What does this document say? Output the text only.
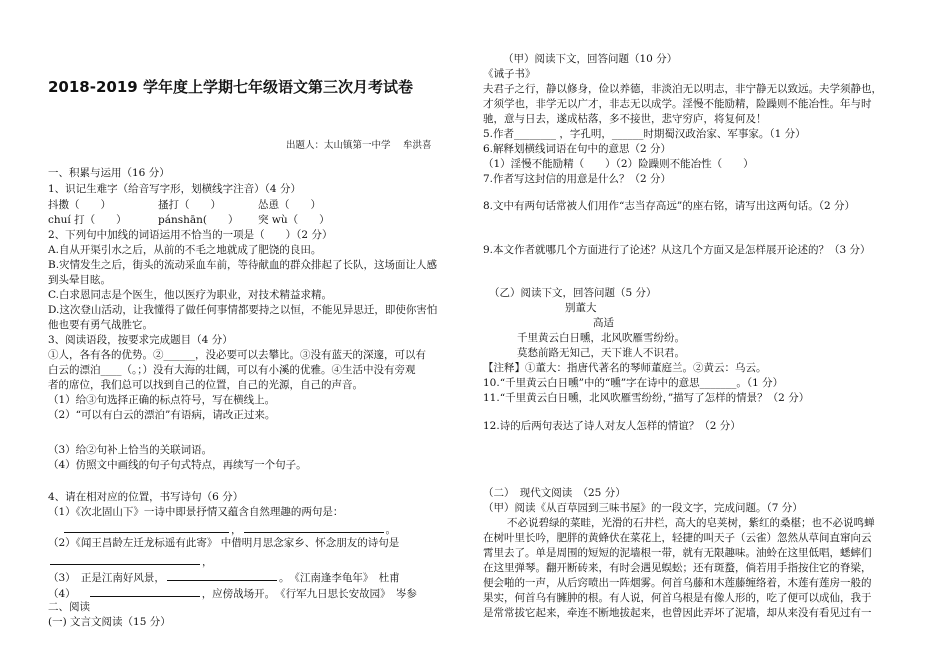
2018-2019 学年度上学期七年级语文第三次月考试卷
出题人：太山镇第一中学　 牟洪喜
一、积累与运用（16 分）
1、识记生难字（给音写字形，划横线字注音）（4 分）
抖擞（　　）	搔打（　　）	怂恿（　　）
chuí 打（　　）	pánshān(　　） 突 wù（　　）
2、下列句中加线的词语运用不恰当的一项是（　　）（2 分）
A.自从开渠引水之后，从前的不毛之地就成了肥饶的良田。
B.灾情发生之后，街头的流动采血车前，等待献血的群众排起了长队，这场面让人感
到头晕目眩。
C.白求恩同志是个医生，他以医疗为职业，对技术精益求精。
D.这次登山活动，让我懂得了做任何事情都要持之以恒，不能见异思迁，即使你害怕
他也要有勇气战胜它。
3、阅读语段，按要求完成题目（4 分）
①人，各有各的优势。②______，没必要可以去攀比。③没有蓝天的深邃，可以有
白云的漂泊____（。；）没有大海的壮阔，可以有小溪的优雅。④生活中没有旁观
者的席位，我们总可以找到自己的位置，自己的光源，自己的声音。
（1）给③句选择正确的标点符号，写在横线上。
（2）“可以有白云的漂泊”有语病，请改正过来。
（3）给②句补上恰当的关联词语。
（4）仿照文中画线的句子句式特点，再续写一个句子。
4、请在相对应的位置，书写诗句（6 分）
（1）《次北固山下》一诗中即景抒情又蕴含自然理趣的两句是：
，	。
（2）《闻王昌龄左迁龙标遥有此寄》 中借明月思念家乡、怀念朋友的诗句是
，
（3）　正是江南好风景，	。　《江南逢李龟年》　杜甫
（4）	，应傍战场开。　《行军九日思长安故园》　岑参
二、阅读
(一) 文言文阅读（15 分）
（甲）阅读下文，回答问题（10 分）
《诫子书》
夫君子之行，静以修身，俭以养德，非淡泊无以明志，非宁静无以致远。夫学须静也，
才须学也，非学无以广才，非志无以成学。淫慢不能励精，险躁则不能冶性。年与时
驰，意与日去，遂成枯落，多不接世，悲守穷庐，将复何及！
5.作者________ ，字孔明，______时期蜀汉政治家、军事家。（1 分）
6.解释划横线词语在句中的意思（2 分）
（1）淫慢不能励精（　　）（2）险躁则不能冶性（　　）
7.作者写这封信的用意是什么？（2 分）
8.文中有两句话常被人们用作“志当存高远”的座右铭，请写出这两句话。（2 分）
9.本文作者就哪几个方面进行了论述？从这几个方面又是怎样展开论述的？（3 分）
（乙）阅读下文，回答问题（5 分）
别董大
高适
千里黄云白日曛，北风吹雁雪纷纷。
莫愁前路无知己，天下谁人不识君。
【注释】①董大：指唐代著名的琴师董庭兰。②黄云：乌云。
10.“千里黄云白日曛”中的“曛”字在诗中的意思_______。（1 分）
11.“千里黄云白日曛，北风吹雁雪纷纷，”描写了怎样的情景？（2 分）
12.诗的后两句表达了诗人对友人怎样的情谊？（2 分）
（二）　现代文阅读　（25 分）
（甲）阅读《从百草园到三味书屋》的一段文字，完成问题。（7 分）
不必说碧绿的菜畦，光滑的石井栏，高大的皂荚树，紫红的桑椹；也不必说鸣蝉
在树叶里长吟，肥胖的黄蜂伏在菜花上，轻捷的叫天子（云雀）忽然从草间直窜向云
霄里去了。单是周围的短短的泥墙根一带，就有无限趣味。油蛉在这里低唱，蟋蟀们
在这里弹琴。翻开断砖来，有时会遇见蜈蚣；还有斑蝥，倘若用手指按住它的脊梁，
便会啪的一声，从后窍喷出一阵烟雾。何首乌藤和木莲藤缠络着，木莲有莲房一般的
果实，何首乌有臃肿的根。有人说，何首乌根是有像人形的，吃了便可以成仙，我于
是常常拔它起来，牵连不断地拔起来，也曾因此弄坏了泥墙，却从来没有看见过有一
